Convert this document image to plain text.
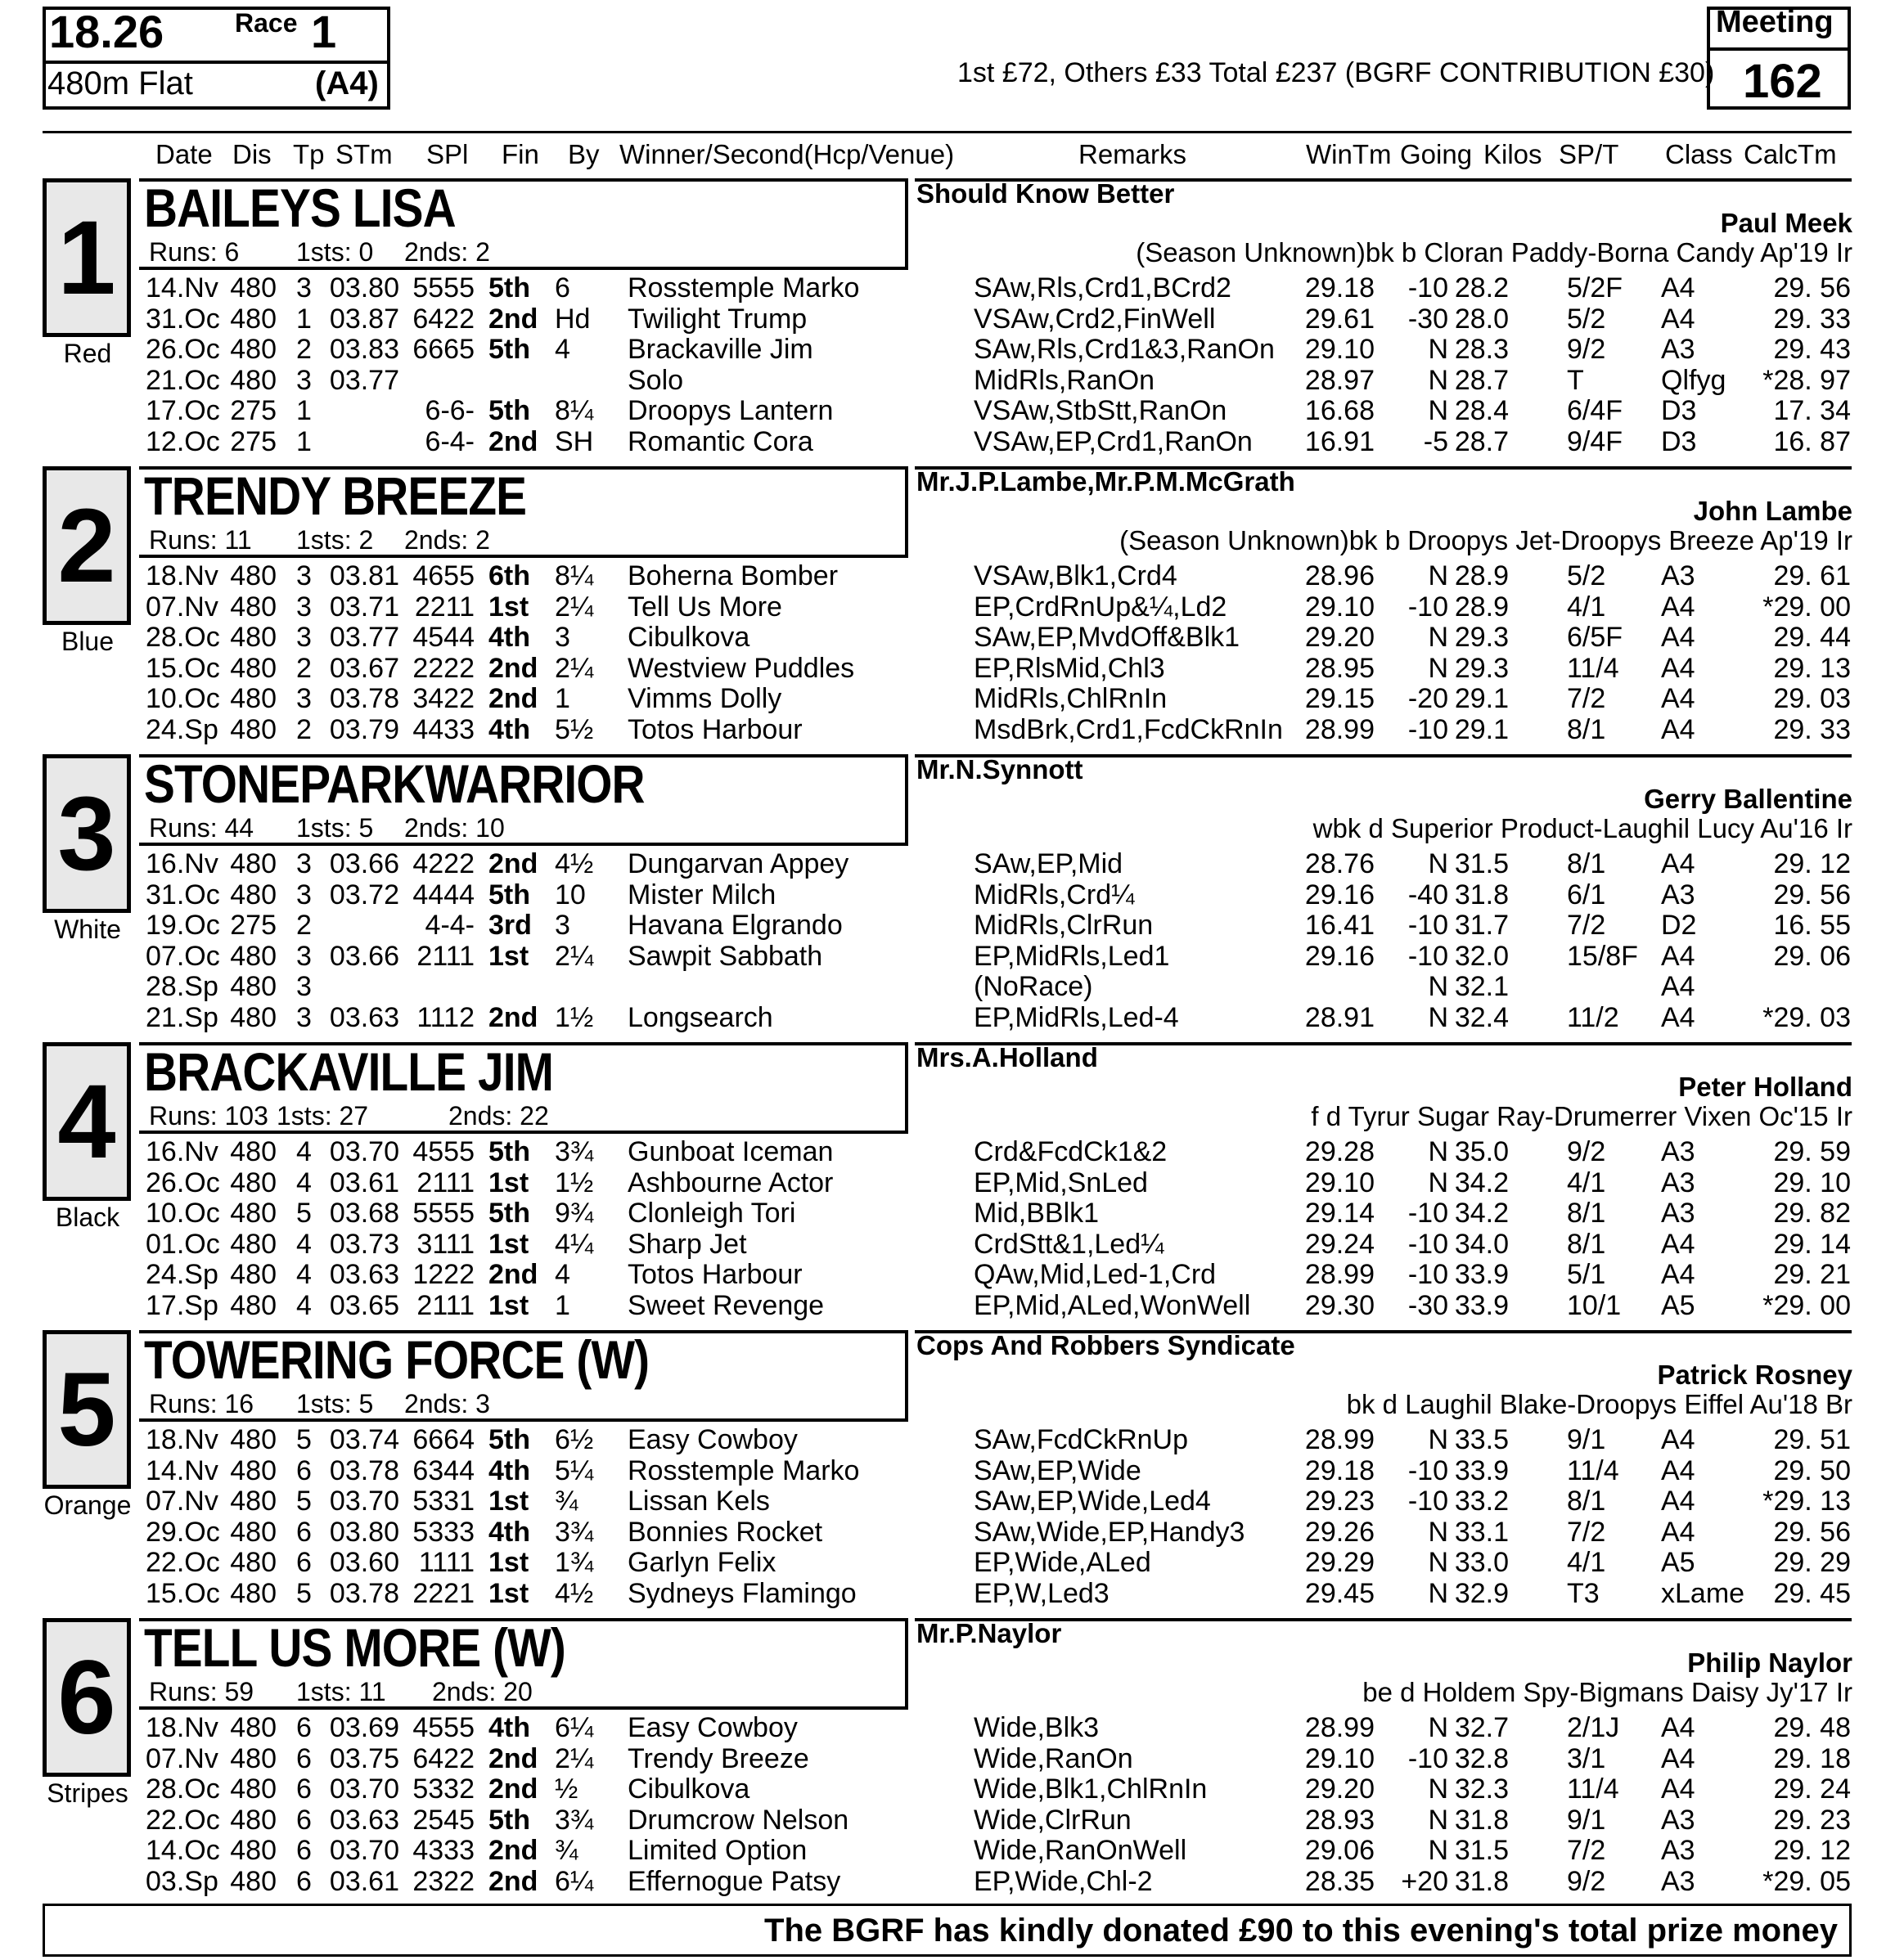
18.26	Race 1
480m Flat	(A4)	1st £72, Others £33 Total £237 (BGRF CONTRIBUTION £30)
Meeting
162
Date Dis Tp STm SPl Fin By Winner/Second(Hcp/Venue)	Remarks	WinTm Going Kilos SP/T Class CalcTm
1
Red
BAILEYS LISA
Runs: 6 1sts: 0 2nds: 2
Should Know Better
Paul Meek
(Season Unknown)bk b Cloran Paddy-Borna Candy Ap'19 Ir
14.Nv 480 3 03.80 5555 5th 6	Rosstemple Marko	SAw,Rls,Crd1,BCrd2	29.18	-10 28.2 5/2F	A4	29. 56
31.Oc 480 1 03.87 6422 2nd Hd	Twilight Trump	VSAw,Crd2,FinWell	29.61	-30 28.0 5/2	A4	29. 33
26.Oc 480 2 03.83 6665 5th 4	Brackaville Jim	SAw,Rls,Crd1&3,RanOn	29.10	N 28.3 9/2	A3	29. 43
21.Oc 480 3 03.77	Solo	MidRls,RanOn	28.97	N 28.7 T	Qlfyg	*28. 97
17.Oc 275 1	6-6- 5th 8¼	Droopys Lantern	VSAw,StbStt,RanOn	16.68	N 28.4 6/4F	D3	17. 34
12.Oc 275 1	6-4- 2nd SH	Romantic Cora	VSAw,EP,Crd1,RanOn	16.91	-5 28.7 9/4F	D3	16. 87
2
Blue
TRENDY BREEZE
Runs: 11 1sts: 2 2nds: 2
Mr.J.P.Lambe,Mr.P.M.McGrath
John Lambe
(Season Unknown)bk b Droopys Jet-Droopys Breeze Ap'19 Ir
18.Nv 480 3 03.81 4655 6th 8¼	Boherna Bomber	VSAw,Blk1,Crd4	28.96	N 28.9 5/2	A3	29. 61
07.Nv 480 3 03.71 2211 1st 2¼	Tell Us More	EP,CrdRnUp&¼,Ld2	29.10	-10 28.9 4/1	A4	*29. 00
28.Oc 480 3 03.77 4544 4th 3	Cibulkova	SAw,EP,MvdOff&Blk1	29.20	N 29.3 6/5F	A4	29. 44
15.Oc 480 2 03.67 2222 2nd 2¼	Westview Puddles	EP,RlsMid,Chl3	28.95	N 29.3 11/4	A4	29. 13
10.Oc 480 3 03.78 3422 2nd 1	Vimms Dolly	MidRls,ChlRnIn	29.15	-20 29.1 7/2	A4	29. 03
24.Sp 480 2 03.79 4433 4th 5½	Totos Harbour	MsdBrk,Crd1,FcdCkRnIn 28.99	-10 29.1 8/1	A4	29. 33
3
White
STONEPARKWARRIOR
Runs: 44 1sts: 5 2nds: 10
Mr.N.Synnott
Gerry Ballentine
wbk d Superior Product-Laughil Lucy Au'16 Ir
16.Nv 480 3 03.66 4222 2nd 4½	Dungarvan Appey	SAw,EP,Mid	28.76	N 31.5 8/1	A4	29. 12
31.Oc 480 3 03.72 4444 5th 10	Mister Milch	MidRls,Crd¼	29.16	-40 31.8 6/1	A3	29. 56
19.Oc 275 2	4-4- 3rd 3	Havana Elgrando	MidRls,ClrRun	16.41	-10 31.7 7/2	D2	16. 55
07.Oc 480 3 03.66 2111 1st 2¼	Sawpit Sabbath	EP,MidRls,Led1	29.16	-10 32.0 15/8F A4	29. 06
28.Sp 480 3	(NoRace)	N 32.1	A4
21.Sp 480 3 03.63 1112 2nd 1½	Longsearch	EP,MidRls,Led-4	28.91	N 32.4 11/2	A4	*29. 03
4
Black
BRACKAVILLE JIM
Runs: 103 1sts: 27	2nds: 22
Mrs.A.Holland
Peter Holland
f d Tyrur Sugar Ray-Drumerrer Vixen Oc'15 Ir
16.Nv 480 4 03.70 4555 5th 3¾	Gunboat Iceman	Crd&FcdCk1&2	29.28	N 35.0 9/2	A3	29. 59
26.Oc 480 4 03.61 2111 1st 1½	Ashbourne Actor	EP,Mid,SnLed	29.10	N 34.2 4/1	A3	29. 10
10.Oc 480 5 03.68 5555 5th 9¾	Clonleigh Tori	Mid,BBlk1	29.14	-10 34.2 8/1	A3	29. 82
01.Oc 480 4 03.73 3111 1st 4¼	Sharp Jet	CrdStt&1,Led¼	29.24	-10 34.0 8/1	A4	29. 14
24.Sp 480 4 03.63 1222 2nd 4	Totos Harbour	QAw,Mid,Led-1,Crd	28.99	-10 33.9 5/1	A4	29. 21
17.Sp 480 4 03.65 2111 1st 1	Sweet Revenge	EP,Mid,ALed,WonWell	29.30	-30 33.9 10/1	A5	*29. 00
5
Orange
TOWERING FORCE (W)
Runs: 16 1sts: 5 2nds: 3
Cops And Robbers Syndicate
Patrick Rosney
bk d Laughil Blake-Droopys Eiffel Au'18 Br
18.Nv 480 5 03.74 6664 5th 6½	Easy Cowboy	SAw,FcdCkRnUp	28.99	N 33.5 9/1	A4	29. 51
14.Nv 480 6 03.78 6344 4th 5¼	Rosstemple Marko	SAw,EP,Wide	29.18	-10 33.9 11/4	A4	29. 50
07.Nv 480 5 03.70 5331 1st ¾	Lissan Kels	SAw,EP,Wide,Led4	29.23	-10 33.2 8/1	A4	*29. 13
29.Oc 480 6 03.80 5333 4th 3¾	Bonnies Rocket	SAw,Wide,EP,Handy3	29.26	N 33.1 7/2	A4	29. 56
22.Oc 480 6 03.60 1111 1st 1¾	Garlyn Felix	EP,Wide,ALed	29.29	N 33.0 4/1	A5	29. 29
15.Oc 480 5 03.78 2221 1st 4½	Sydneys Flamingo	EP,W,Led3	29.45	N 32.9 T3	xLame	29. 45
6
Stripes
TELL US MORE (W)
Runs: 59 1sts: 11 2nds: 20
Mr.P.Naylor
Philip Naylor
be d Holdem Spy-Bigmans Daisy Jy'17 Ir
18.Nv 480 6 03.69 4555 4th 6¼	Easy Cowboy	Wide,Blk3	28.99	N 32.7 2/1J	A4	29. 48
07.Nv 480 6 03.75 6422 2nd 2¼	Trendy Breeze	Wide,RanOn	29.10	-10 32.8 3/1	A4	29. 18
28.Oc 480 6 03.70 5332 2nd ½	Cibulkova	Wide,Blk1,ChlRnIn	29.20	N 32.3 11/4	A4	29. 24
22.Oc 480 6 03.63 2545 5th 3¾	Drumcrow Nelson	Wide,ClrRun	28.93	N 31.8 9/1	A3	29. 23
14.Oc 480 6 03.70 4333 2nd ¾	Limited Option	Wide,RanOnWell	29.06	N 31.5 7/2	A3	29. 12
03.Sp 480 6 03.61 2322 2nd 6¼	Effernogue Patsy	EP,Wide,Chl-2	28.35 +20 31.8 9/2	A3	*29. 05
The BGRF has kindly donated £90 to this evening's total prize money
